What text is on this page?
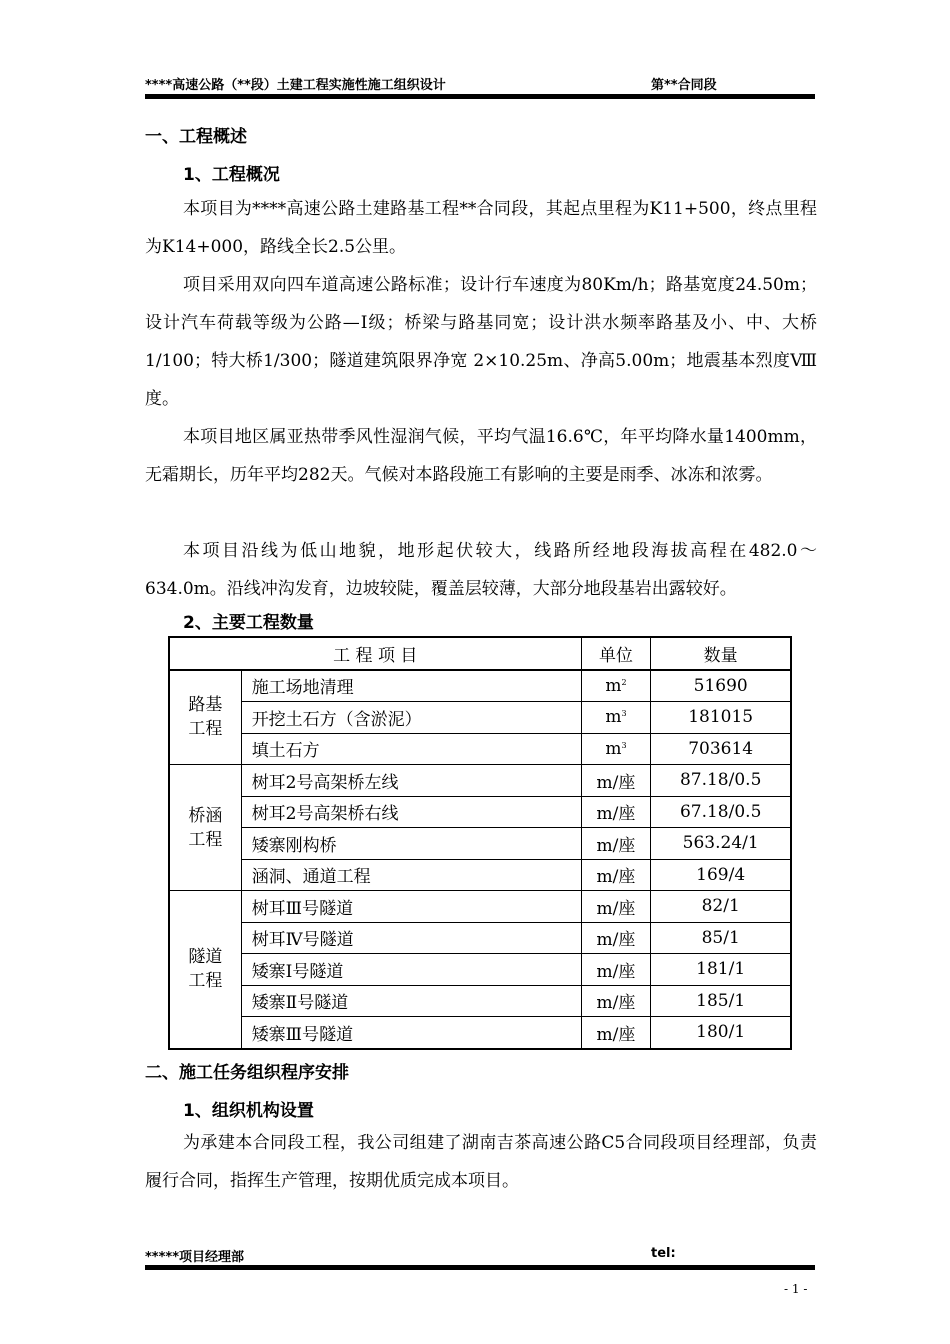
****高速公路（**段）土建工程实施性施工组织设计	第**合同段
一、工程概述
1、工程概况

本项目为****高速公路土建路基工程**合同段，其起点里程为K11+500，终点里程为K14+000，路线全长2.5公里。

项目采用双向四车道高速公路标准；设计行车速度为80Km/h；路基宽度24.50m；设计汽车荷载等级为公路—Ⅰ级；桥梁与路基同宽；设计洪水频率路基及小、中、大桥1/100；特大桥1/300；隧道建筑限界净宽 2×10.25m、净高5.00m；地震基本烈度Ⅷ度。

本项目地区属亚热带季风性湿润气候，平均气温16.6℃，年平均降水量1400mm，无霜期长，历年平均282天。气候对本路段施工有影响的主要是雨季、冰冻和浓雾。

本项目沿线为低山地貌，地形起伏较大，线路所经地段海拔高程在482.0～634.0m。沿线冲沟发育，边坡较陡，覆盖层较薄，大部分地段基岩出露较好。

2、主要工程数量
工 程 项 目		单位	数量
路基
工程	施工场地清理	$m^2$	51690
	开挖土石方（含淤泥）	$m^3$	181015
	填土石方	$m^3$	703614
桥涵
工程	树耳2号高架桥左线	m/座	87.18/0.5
	树耳2号高架桥右线	m/座	67.18/0.5
	矮寨刚构桥	m/座	563.24/1
	涵洞、通道工程	m/座	169/4
隧道
工程	树耳Ⅲ号隧道	m/座	82/1
	树耳Ⅳ号隧道	m/座	85/1
	矮寨Ⅰ号隧道	m/座	181/1
	矮寨Ⅱ号隧道	m/座	185/1
	矮寨Ⅲ号隧道	m/座	180/1
二、施工任务组织程序安排
1、组织机构设置

为承建本合同段工程，我公司组建了湖南吉茶高速公路C5合同段项目经理部，负责履行合同，指挥生产管理，按期优质完成本项目。

*****项目经理部	tel:
- 1 -
